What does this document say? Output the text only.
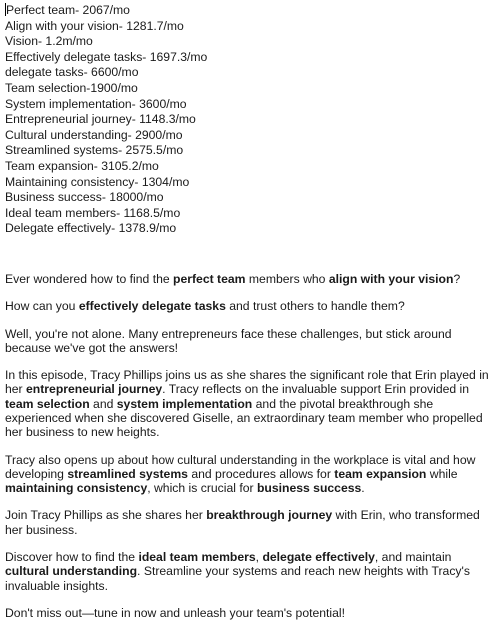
Perfect team- 2067/mo
Align with your vision- 1281.7/mo
Vision- 1.2m/mo
Effectively delegate tasks- 1697.3/mo
delegate tasks- 6600/mo
Team selection-1900/mo
System implementation- 3600/mo
Entrepreneurial journey- 1148.3/mo
Cultural understanding- 2900/mo
Streamlined systems- 2575.5/mo
Team expansion- 3105.2/mo
Maintaining consistency- 1304/mo
Business success- 18000/mo
Ideal team members- 1168.5/mo
Delegate effectively- 1378.9/mo

Ever wondered how to find the perfect team members who align with your vision?

How can you effectively delegate tasks and trust others to handle them?

Well, you're not alone. Many entrepreneurs face these challenges, but stick around because we've got the answers!

In this episode, Tracy Phillips joins us as she shares the significant role that Erin played in her entrepreneurial journey. Tracy reflects on the invaluable support Erin provided in team selection and system implementation and the pivotal breakthrough she experienced when she discovered Giselle, an extraordinary team member who propelled her business to new heights.

Tracy also opens up about how cultural understanding in the workplace is vital and how developing streamlined systems and procedures allows for team expansion while maintaining consistency, which is crucial for business success.

Join Tracy Phillips as she shares her breakthrough journey with Erin, who transformed her business.

Discover how to find the ideal team members, delegate effectively, and maintain cultural understanding. Streamline your systems and reach new heights with Tracy's invaluable insights.

Don't miss out—tune in now and unleash your team's potential!
